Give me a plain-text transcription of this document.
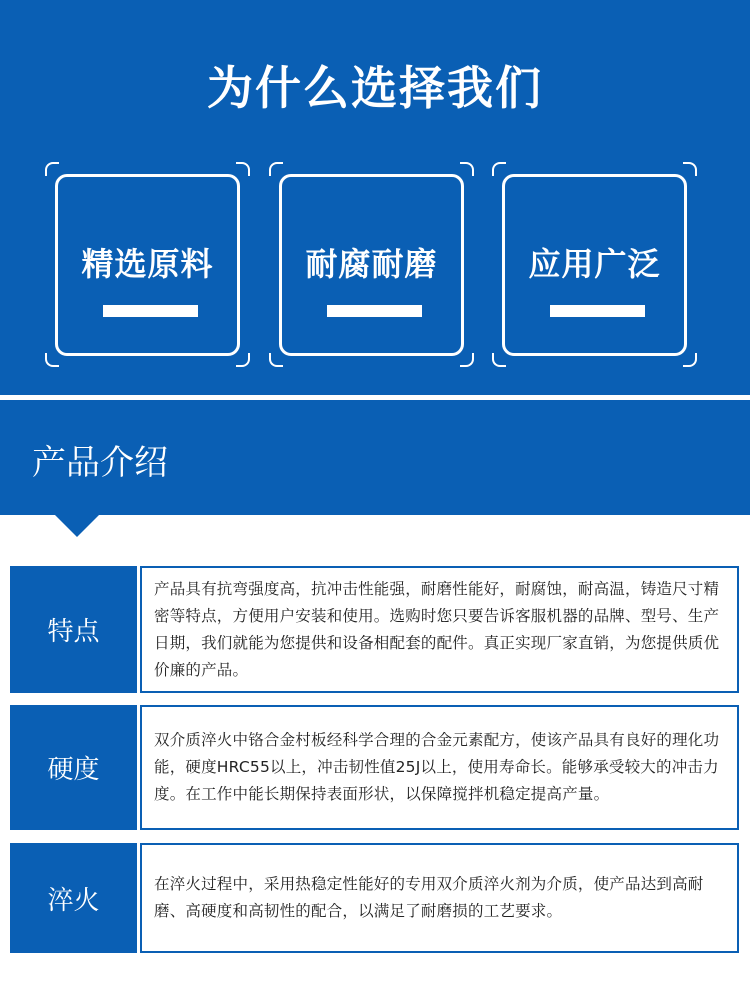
为什么选择我们
精选原料	耐腐耐磨	应用广泛
产品介绍
特点
产品具有抗弯强度高，抗冲击性能强，耐磨性能好，耐腐蚀，耐高温，铸造尺寸精密等特点，方便用户安装和使用。选购时您只要告诉客服机器的品牌、型号、生产日期，我们就能为您提供和设备相配套的配件。真正实现厂家直销，为您提供质优价廉的产品。
硬度
双介质淬火中铬合金村板经科学合理的合金元素配方，使该产品具有良好的理化功能，硬度HRC55以上，冲击韧性值25J以上，使用寿命长。能够承受较大的冲击力度。在工作中能长期保持表面形状，以保障搅拌机稳定提高产量。
淬火
在淬火过程中，采用热稳定性能好的专用双介质淬火剂为介质，使产品达到高耐磨、高硬度和高韧性的配合，以满足了耐磨损的工艺要求。
